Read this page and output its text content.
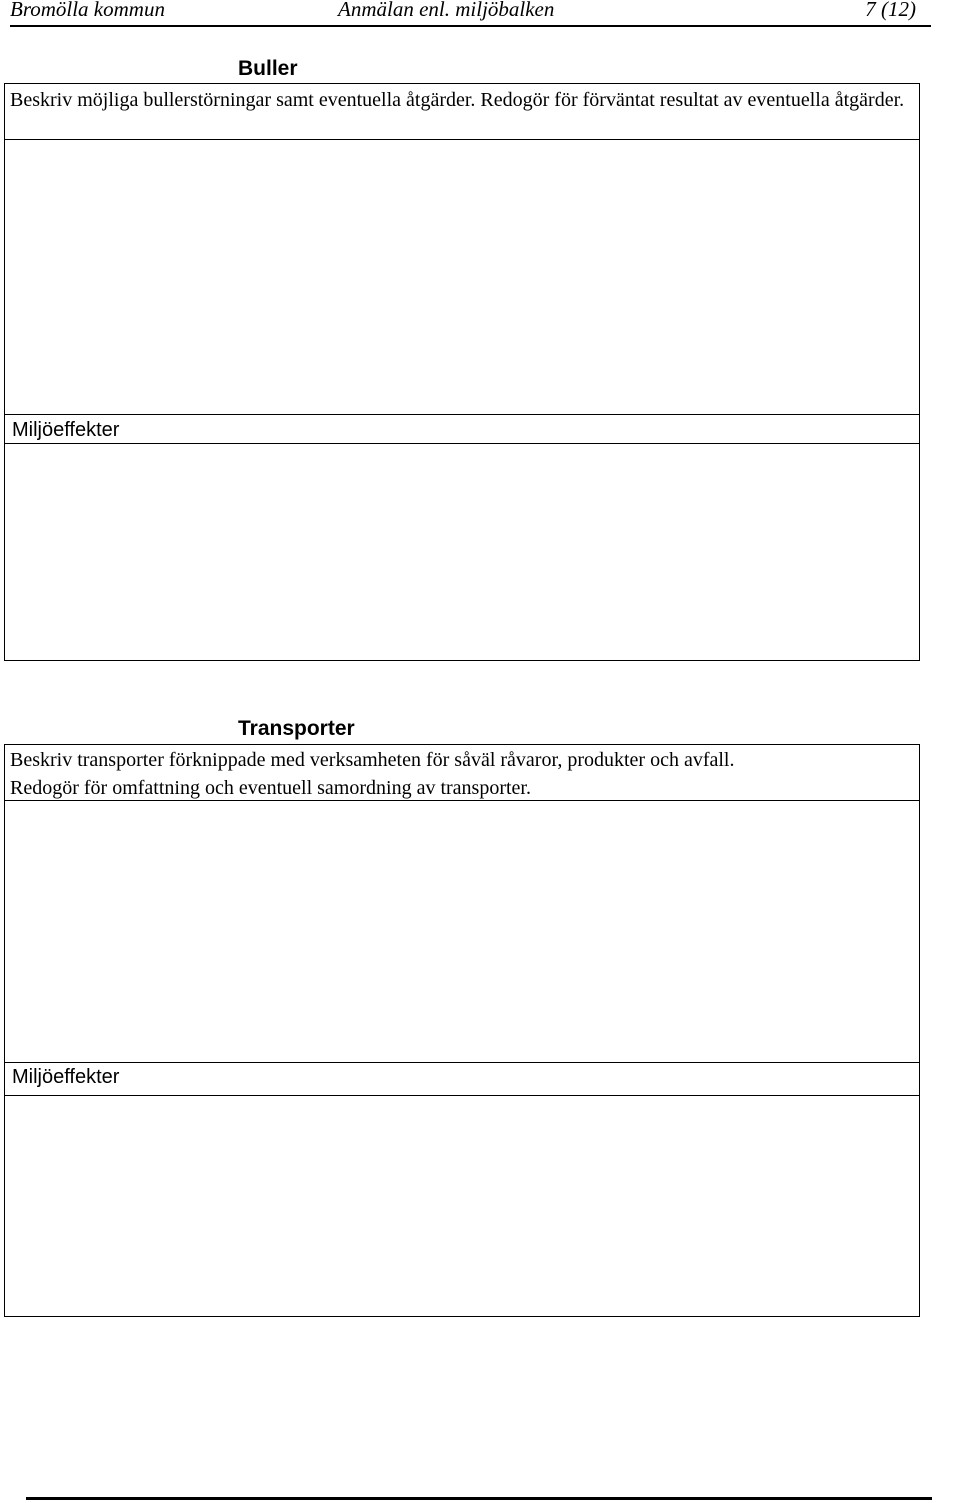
Bromölla kommun	Anmälan enl. miljöbalken	7 (12)
Buller
Beskriv möjliga bullerstörningar samt eventuella åtgärder. Redogör för förväntat resultat av eventuella åtgärder.
Miljöeffekter
Transporter
Beskriv transporter förknippade med verksamheten för såväl råvaror, produkter och avfall.
Redogör för omfattning och eventuell samordning av transporter.
Miljöeffekter
